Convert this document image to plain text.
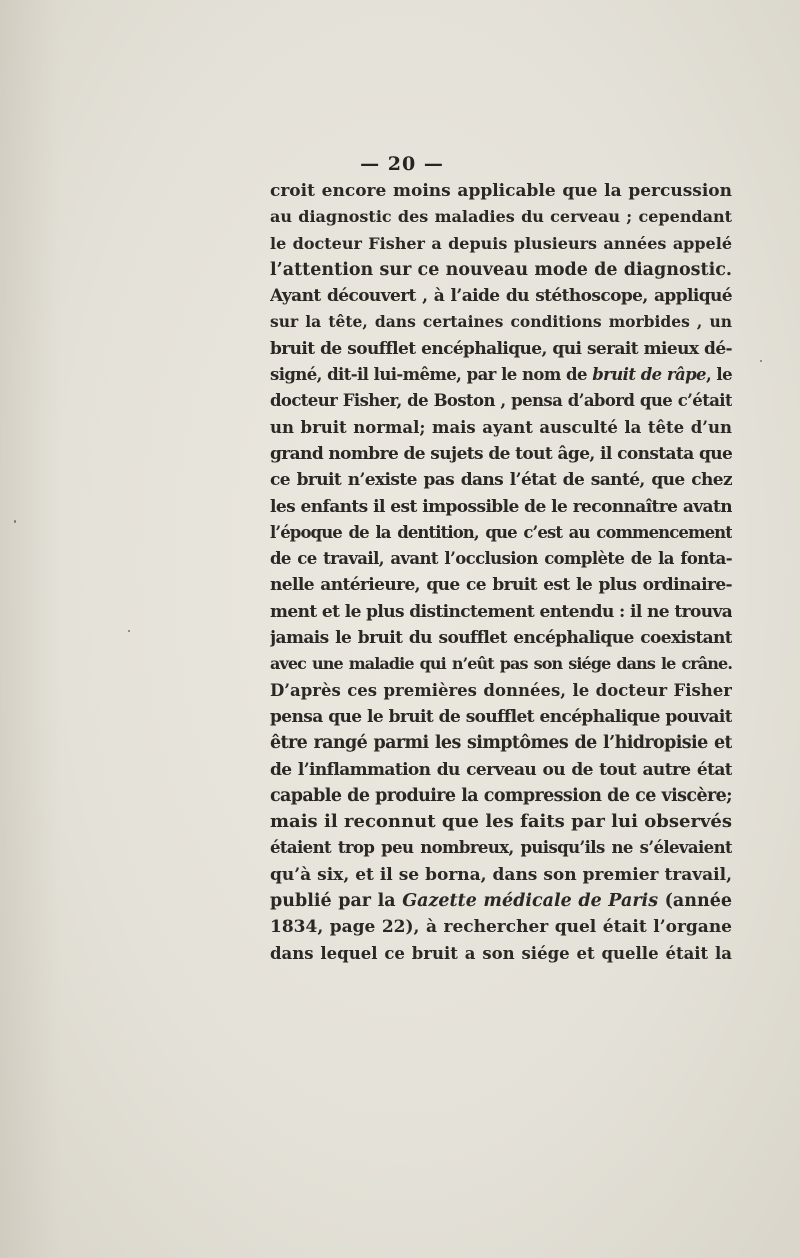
— 20 —

croit encore moins applicable que la percussion
au diagnostic des maladies du cerveau ; cependant
le docteur Fisher a depuis plusieurs années appelé
l’attention sur ce nouveau mode de diagnostic.
Ayant découvert , à l’aide du stéthoscope, appliqué
sur la tête, dans certaines conditions morbides , un
bruit de soufflet encéphalique, qui serait mieux dé-
signé, dit-il lui-même, par le nom de bruit de râpe, le
docteur Fisher, de Boston , pensa d’abord que c’était
un bruit normal; mais ayant ausculté la tête d’un
grand nombre de sujets de tout âge, il constata que
ce bruit n’existe pas dans l’état de santé, que chez
les enfants il est impossible de le reconnaître avatn
l’époque de la dentition, que c’est au commencement
de ce travail, avant l’occlusion complète de la fonta-
nelle antérieure, que ce bruit est le plus ordinaire-
ment et le plus distinctement entendu : il ne trouva
jamais le bruit du soufflet encéphalique coexistant
avec une maladie qui n’eût pas son siége dans le crâne.
D’après ces premières données, le docteur Fisher
pensa que le bruit de soufflet encéphalique pouvait
être rangé parmi les simptômes de l’hidropisie et
de l’inflammation du cerveau ou de tout autre état
capable de produire la compression de ce viscère;
mais il reconnut que les faits par lui observés
étaient trop peu nombreux, puisqu’ils ne s’élevaient
qu’à six, et il se borna, dans son premier travail,
publié par la Gazette médicale de Paris (année
1834, page 22), à rechercher quel était l’organe
dans lequel ce bruit a son siége et quelle était la
